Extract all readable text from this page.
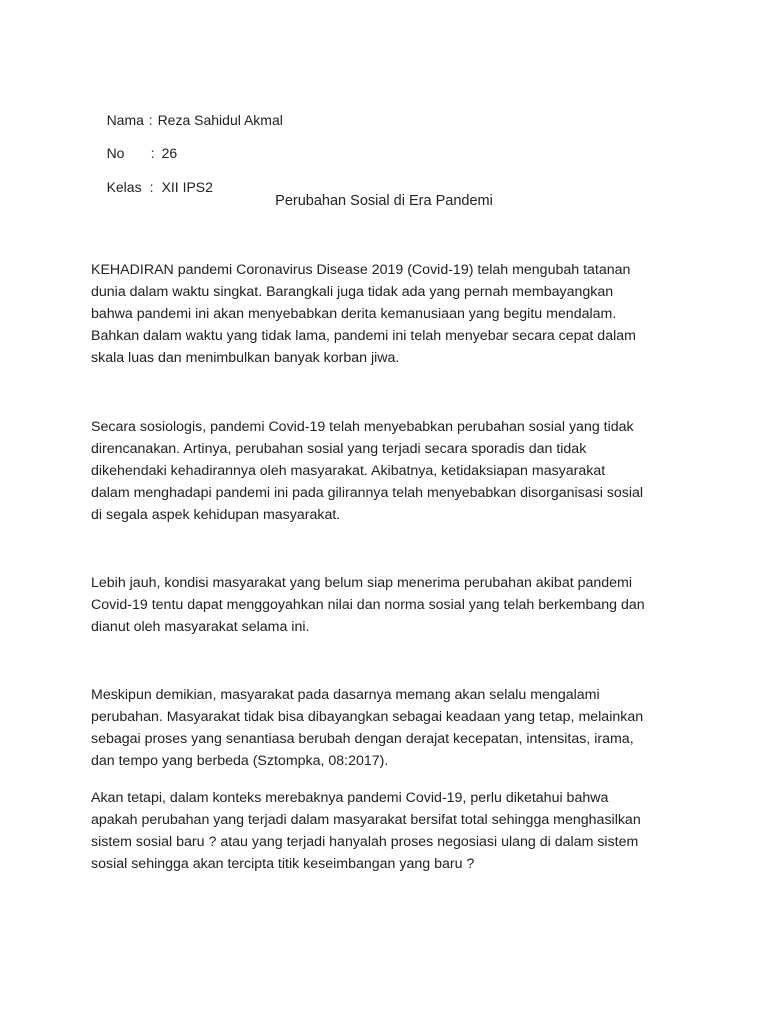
Nama : Reza Sahidul Akmal

No : 26

Kelas : XII IPS2

Perubahan Sosial di Era Pandemi

KEHADIRAN pandemi Coronavirus Disease 2019 (Covid-19) telah mengubah tatanan
dunia dalam waktu singkat. Barangkali juga tidak ada yang pernah membayangkan
bahwa pandemi ini akan menyebabkan derita kemanusiaan yang begitu mendalam.
Bahkan dalam waktu yang tidak lama, pandemi ini telah menyebar secara cepat dalam
skala luas dan menimbulkan banyak korban jiwa.

Secara sosiologis, pandemi Covid-19 telah menyebabkan perubahan sosial yang tidak
direncanakan. Artinya, perubahan sosial yang terjadi secara sporadis dan tidak
dikehendaki kehadirannya oleh masyarakat. Akibatnya, ketidaksiapan masyarakat
dalam menghadapi pandemi ini pada gilirannya telah menyebabkan disorganisasi sosial
di segala aspek kehidupan masyarakat.

Lebih jauh, kondisi masyarakat yang belum siap menerima perubahan akibat pandemi
Covid-19 tentu dapat menggoyahkan nilai dan norma sosial yang telah berkembang dan
dianut oleh masyarakat selama ini.

Meskipun demikian, masyarakat pada dasarnya memang akan selalu mengalami
perubahan. Masyarakat tidak bisa dibayangkan sebagai keadaan yang tetap, melainkan
sebagai proses yang senantiasa berubah dengan derajat kecepatan, intensitas, irama,
dan tempo yang berbeda (Sztompka, 08:2017).

Akan tetapi, dalam konteks merebaknya pandemi Covid-19, perlu diketahui bahwa
apakah perubahan yang terjadi dalam masyarakat bersifat total sehingga menghasilkan
sistem sosial baru ? atau yang terjadi hanyalah proses negosiasi ulang di dalam sistem
sosial sehingga akan tercipta titik keseimbangan yang baru ?
